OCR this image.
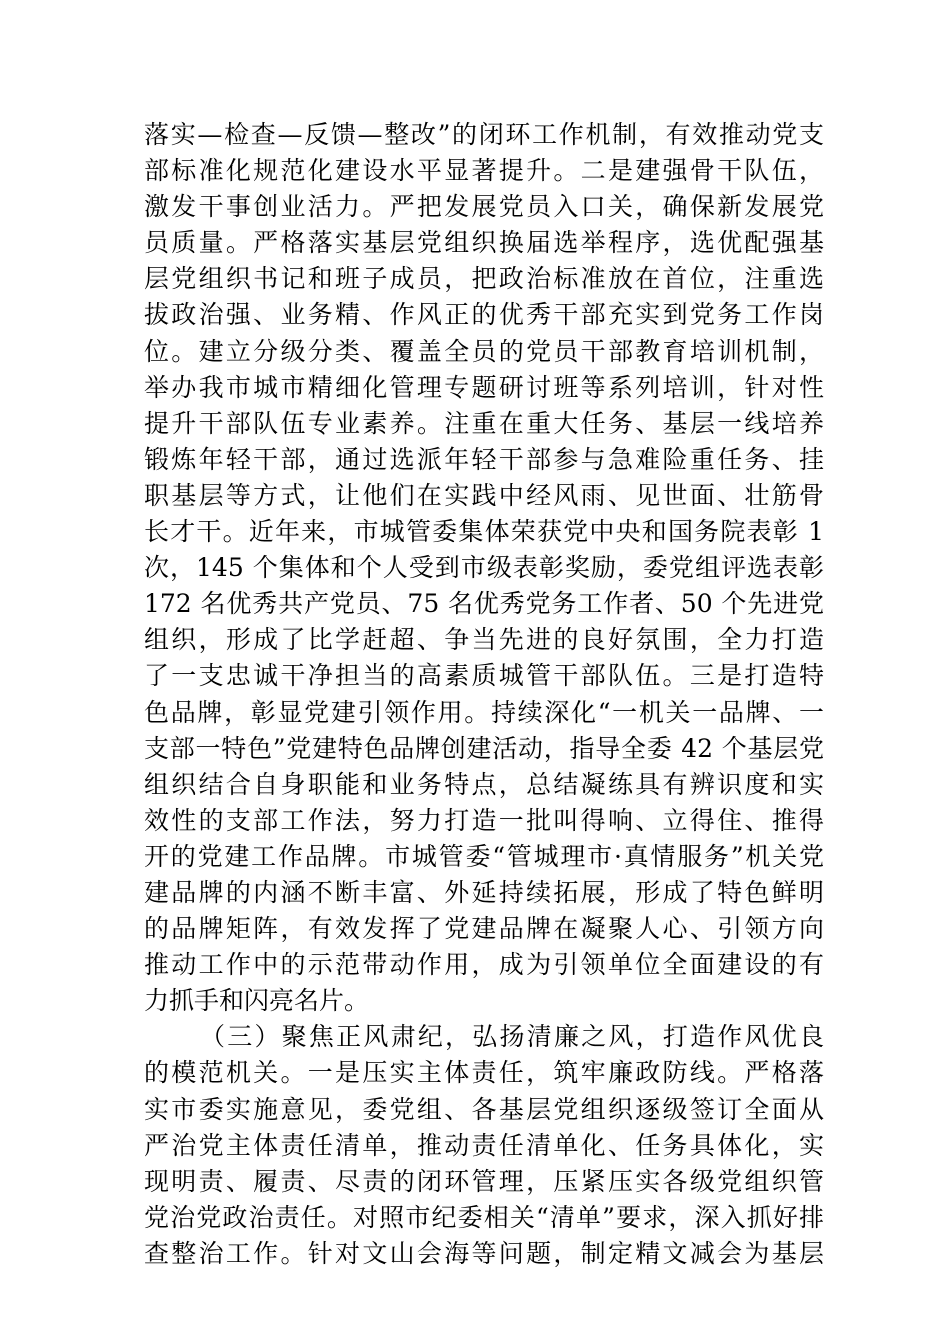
落实—检查—反馈—整改”的闭环工作机制，有效推动党支
部标准化规范化建设水平显著提升。二是建强骨干队伍，
激发干事创业活力。严把发展党员入口关，确保新发展党
员质量。严格落实基层党组织换届选举程序，选优配强基
层党组织书记和班子成员，把政治标准放在首位，注重选
拔政治强、业务精、作风正的优秀干部充实到党务工作岗
位。建立分级分类、覆盖全员的党员干部教育培训机制，
举办我市城市精细化管理专题研讨班等系列培训，针对性
提升干部队伍专业素养。注重在重大任务、基层一线培养
锻炼年轻干部，通过选派年轻干部参与急难险重任务、挂
职基层等方式，让他们在实践中经风雨、见世面、壮筋骨
长才干。近年来，市城管委集体荣获党中央和国务院表彰 1
次，145 个集体和个人受到市级表彰奖励，委党组评选表彰
172 名优秀共产党员、75 名优秀党务工作者、50 个先进党
组织，形成了比学赶超、争当先进的良好氛围，全力打造
了一支忠诚干净担当的高素质城管干部队伍。三是打造特
色品牌，彰显党建引领作用。持续深化“一机关一品牌、一
支部一特色”党建特色品牌创建活动，指导全委 42 个基层党
组织结合自身职能和业务特点，总结凝练具有辨识度和实
效性的支部工作法，努力打造一批叫得响、立得住、推得
开的党建工作品牌。市城管委“管城理市·真情服务”机关党
建品牌的内涵不断丰富、外延持续拓展，形成了特色鲜明
的品牌矩阵，有效发挥了党建品牌在凝聚人心、引领方向
推动工作中的示范带动作用，成为引领单位全面建设的有
力抓手和闪亮名片。
（三）聚焦正风肃纪，弘扬清廉之风，打造作风优良
的模范机关。一是压实主体责任，筑牢廉政防线。严格落
实市委实施意见，委党组、各基层党组织逐级签订全面从
严治党主体责任清单，推动责任清单化、任务具体化，实
现明责、履责、尽责的闭环管理，压紧压实各级党组织管
党治党政治责任。对照市纪委相关“清单”要求，深入抓好排
查整治工作。针对文山会海等问题，制定精文减会为基层
